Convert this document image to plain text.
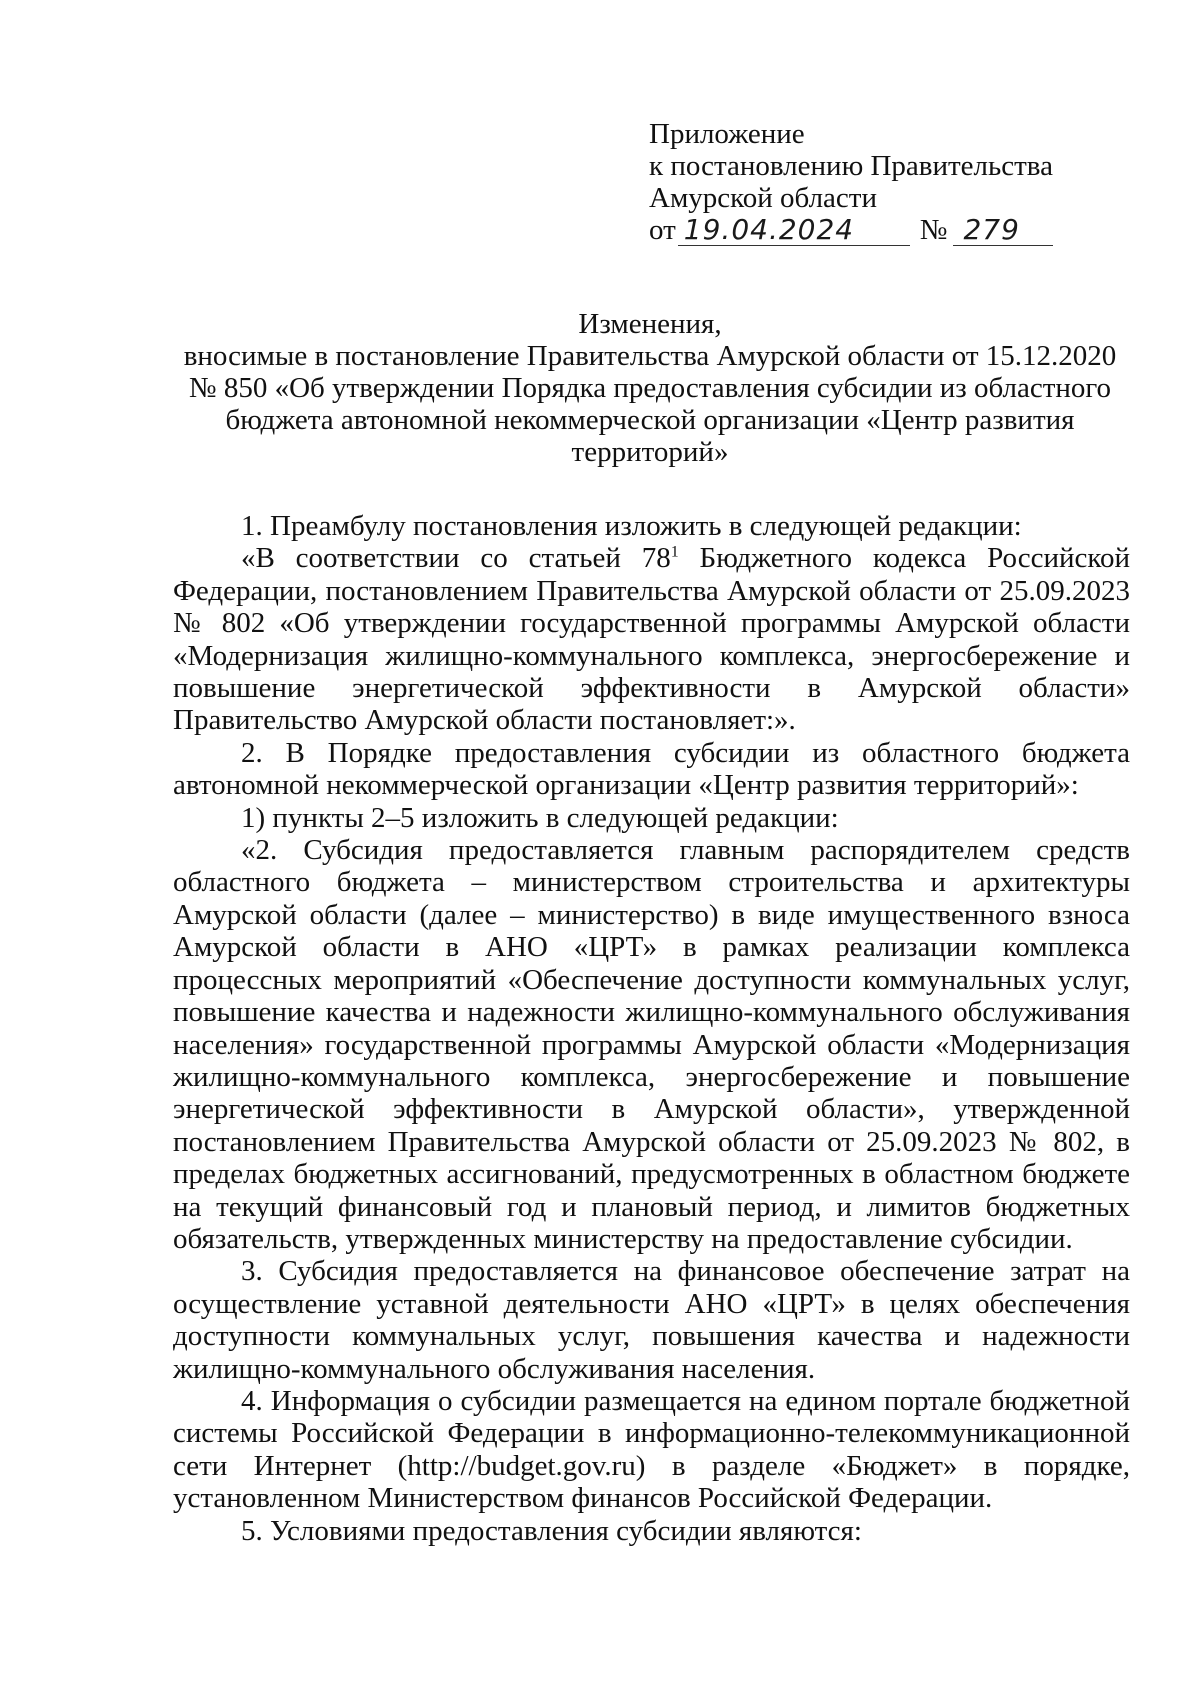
Приложение
к постановлению Правительства
Амурской области
от 19.04.2024	№ 279
Изменения,
вносимые в постановление Правительства Амурской области от 15.12.2020
№ 850 «Об утверждении Порядка предоставления субсидии из областного
бюджета автономной некоммерческой организации «Центр развития
территорий»

1. Преамбулу постановления изложить в следующей редакции:

«В соответствии со статьей $78^1$ Бюджетного кодекса Российской Федерации, постановлением Правительства Амурской области от 25.09.2023 № 802 «Об утверждении государственной программы Амурской области «Модернизация жилищно-коммунального комплекса, энергосбережение и повышение энергетической эффективности в Амурской области» Правительство Амурской области постановляет:».

2. В Порядке предоставления субсидии из областного бюджета автономной некоммерческой организации «Центр развития территорий»:

1) пункты 2–5 изложить в следующей редакции:

«2. Субсидия предоставляется главным распорядителем средств областного бюджета – министерством строительства и архитектуры Амурской области (далее – министерство) в виде имущественного взноса Амурской области в АНО «ЦРТ» в рамках реализации комплекса процессных мероприятий «Обеспечение доступности коммунальных услуг, повышение качества и надежности жилищно-коммунального обслуживания населения» государственной программы Амурской области «Модернизация жилищно-коммунального комплекса, энергосбережение и повышение энергетической эффективности в Амурской области», утвержденной постановлением Правительства Амурской области от 25.09.2023 № 802, в пределах бюджетных ассигнований, предусмотренных в областном бюджете на текущий финансовый год и плановый период, и лимитов бюджетных обязательств, утвержденных министерству на предоставление субсидии.

3. Субсидия предоставляется на финансовое обеспечение затрат на осуществление уставной деятельности АНО «ЦРТ» в целях обеспечения доступности коммунальных услуг, повышения качества и надежности жилищно-коммунального обслуживания населения.

4. Информация о субсидии размещается на едином портале бюджетной системы Российской Федерации в информационно-телекоммуникационной сети Интернет (http://budget.gov.ru) в разделе «Бюджет» в порядке, установленном Министерством финансов Российской Федерации.

5. Условиями предоставления субсидии являются:
